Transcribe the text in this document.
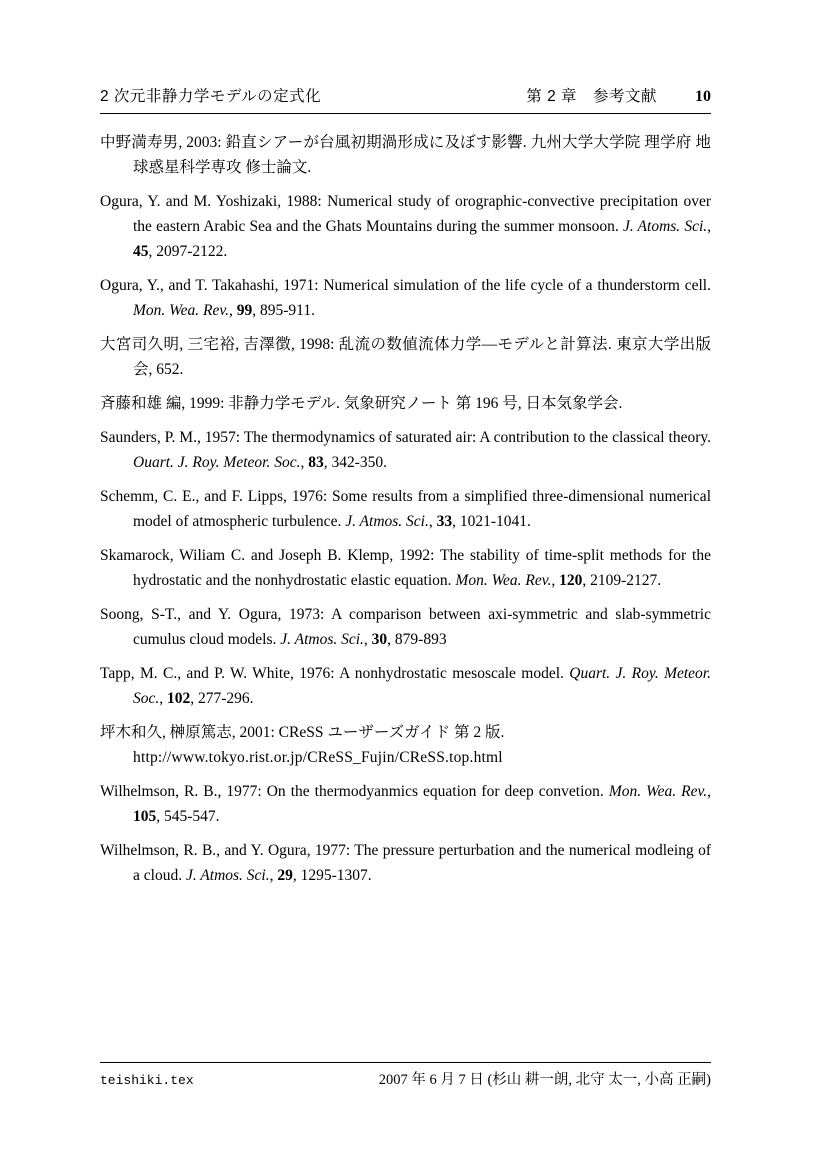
2 次元非静力学モデルの定式化	第 2 章　参考文献 10

中野満寿男, 2003: 鉛直シアーが台風初期渦形成に及ぼす影響. 九州大学大学院 理学府 地球惑星科学専攻 修士論文.

Ogura, Y. and M. Yoshizaki, 1988: Numerical study of orographic-convective precipitation over the eastern Arabic Sea and the Ghats Mountains during the summer monsoon. J. Atoms. Sci., 45, 2097-2122.

Ogura, Y., and T. Takahashi, 1971: Numerical simulation of the life cycle of a thunderstorm cell. Mon. Wea. Rev., 99, 895-911.

大宮司久明, 三宅裕, 吉澤徴, 1998: 乱流の数値流体力学—モデルと計算法. 東京大学出版会, 652.

斉藤和雄 編, 1999: 非静力学モデル. 気象研究ノート 第 196 号, 日本気象学会.

Saunders, P. M., 1957: The thermodynamics of saturated air: A contribution to the classical theory. Ouart. J. Roy. Meteor. Soc., 83, 342-350.

Schemm, C. E., and F. Lipps, 1976: Some results from a simplified three-dimensional numerical model of atmospheric turbulence. J. Atmos. Sci., 33, 1021-1041.

Skamarock, Wiliam C. and Joseph B. Klemp, 1992: The stability of time-split methods for the hydrostatic and the nonhydrostatic elastic equation. Mon. Wea. Rev., 120, 2109-2127.

Soong, S-T., and Y. Ogura, 1973: A comparison between axi-symmetric and slab-symmetric cumulus cloud models. J. Atmos. Sci., 30, 879-893

Tapp, M. C., and P. W. White, 1976: A nonhydrostatic mesoscale model. Quart. J. Roy. Meteor. Soc., 102, 277-296.

坪木和久, 榊原篤志, 2001: CReSS ユーザーズガイド 第 2 版.
http://www.tokyo.rist.or.jp/CReSS_Fujin/CReSS.top.html

Wilhelmson, R. B., 1977: On the thermodyanmics equation for deep convetion. Mon. Wea. Rev., 105, 545-547.

Wilhelmson, R. B., and Y. Ogura, 1977: The pressure perturbation and the numerical modleing of a cloud. J. Atmos. Sci., 29, 1295-1307.

teishiki.tex	2007 年 6 月 7 日 (杉山 耕一朗, 北守 太一, 小高 正嗣)
